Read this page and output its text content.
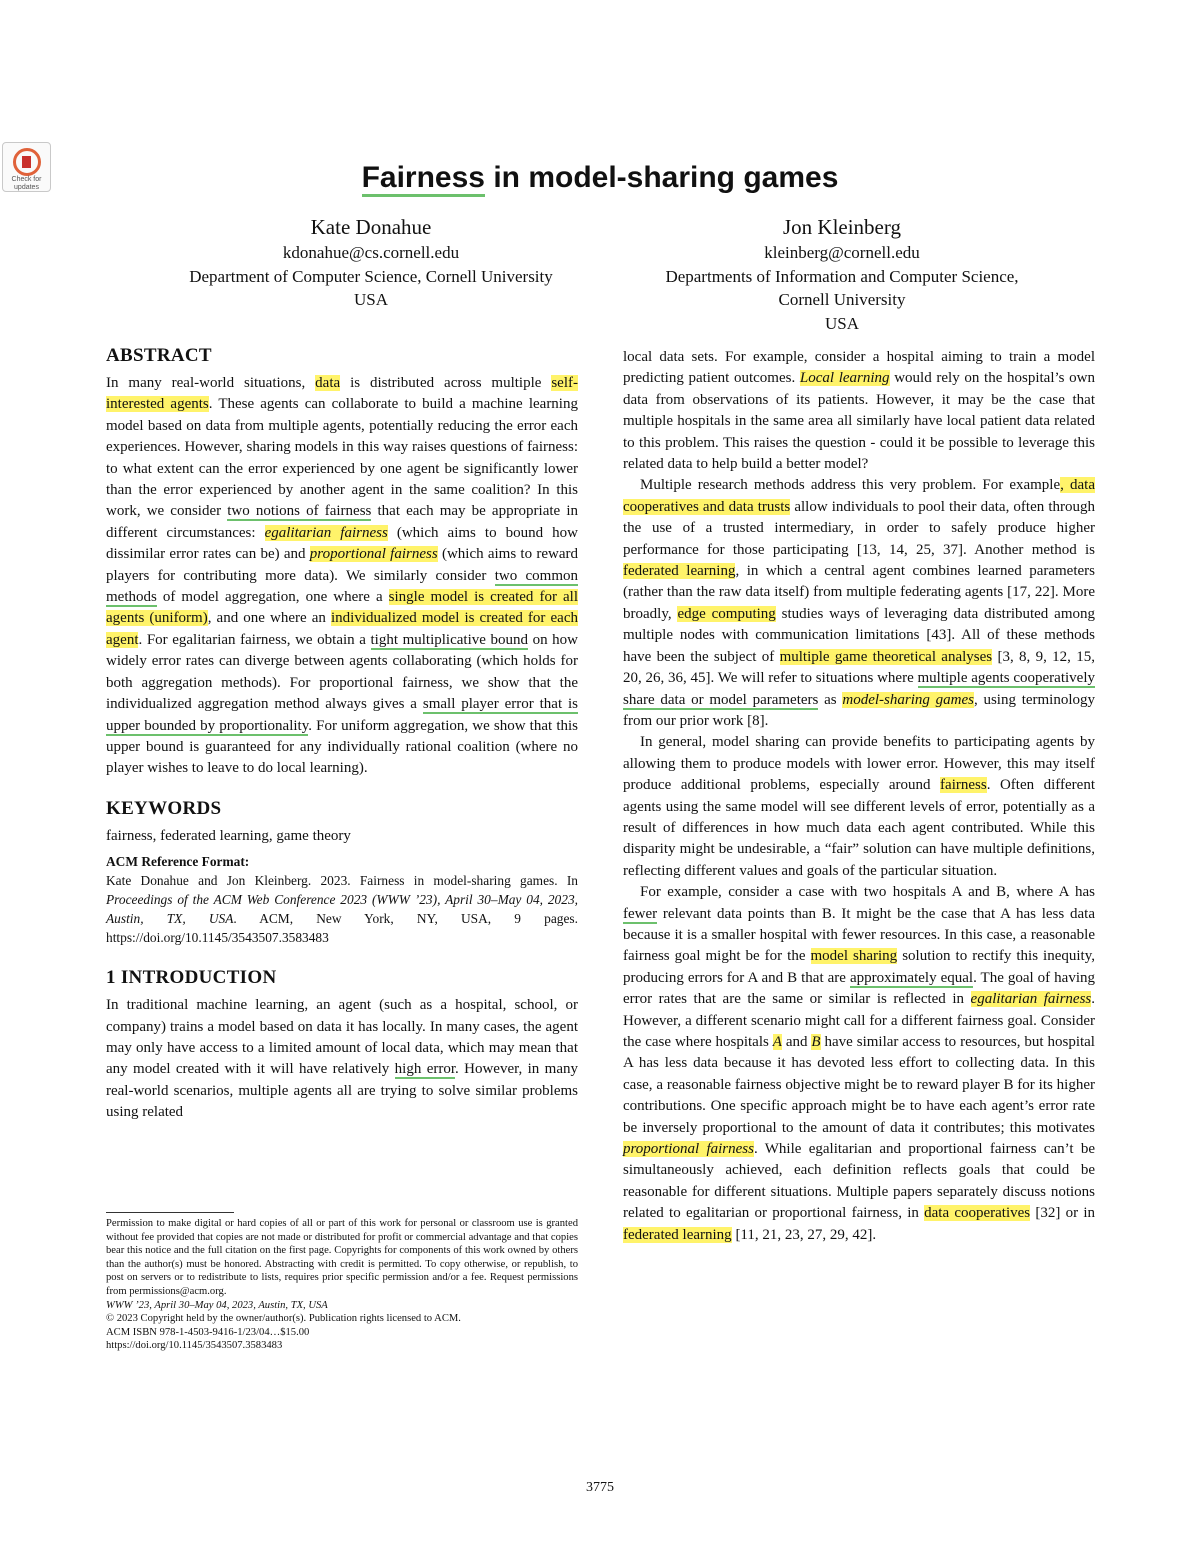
Check for
updates	Fairness in model-sharing games
Kate Donahue
kdonahue@cs.cornell.edu
Department of Computer Science, Cornell University
USA
Jon Kleinberg
kleinberg@cornell.edu
Departments of Information and Computer Science,
Cornell University
USA
ABSTRACT

In many real-world situations, data is distributed across multiple self-interested agents. These agents can collaborate to build a machine learning model based on data from multiple agents, potentially reducing the error each experiences. However, sharing models in this way raises questions of fairness: to what extent can the error experienced by one agent be significantly lower than the error experienced by another agent in the same coalition? In this work, we consider two notions of fairness that each may be appropriate in different circumstances: egalitarian fairness (which aims to bound how dissimilar error rates can be) and proportional fairness (which aims to reward players for contributing more data). We similarly consider two common methods of model aggregation, one where a single model is created for all agents (uniform), and one where an individualized model is created for each agent. For egalitarian fairness, we obtain a tight multiplicative bound on how widely error rates can diverge between agents collaborating (which holds for both aggregation methods). For proportional fairness, we show that the individualized aggregation method always gives a small player error that is upper bounded by proportionality. For uniform aggregation, we show that this upper bound is guaranteed for any individually rational coalition (where no player wishes to leave to do local learning).

KEYWORDS

fairness, federated learning, game theory

ACM Reference Format:

Kate Donahue and Jon Kleinberg. 2023. Fairness in model-sharing games. In Proceedings of the ACM Web Conference 2023 (WWW ’23), April 30–May 04, 2023, Austin, TX, USA. ACM, New York, NY, USA, 9 pages. https://doi.org/10.1145/3543507.3583483

1 INTRODUCTION

In traditional machine learning, an agent (such as a hospital, school, or company) trains a model based on data it has locally. In many cases, the agent may only have access to a limited amount of local data, which may mean that any model created with it will have relatively high error. However, in many real-world scenarios, multiple agents all are trying to solve similar problems using related

Permission to make digital or hard copies of all or part of this work for personal or classroom use is granted without fee provided that copies are not made or distributed for profit or commercial advantage and that copies bear this notice and the full citation on the first page. Copyrights for components of this work owned by others than the author(s) must be honored. Abstracting with credit is permitted. To copy otherwise, or republish, to post on servers or to redistribute to lists, requires prior specific permission and/or a fee. Request permissions from permissions@acm.org.
WWW ’23, April 30–May 04, 2023, Austin, TX, USA
© 2023 Copyright held by the owner/author(s). Publication rights licensed to ACM.
ACM ISBN 978-1-4503-9416-1/23/04…$15.00
https://doi.org/10.1145/3543507.3583483

local data sets. For example, consider a hospital aiming to train a model predicting patient outcomes. Local learning would rely on the hospital’s own data from observations of its patients. However, it may be the case that multiple hospitals in the same area all similarly have local patient data related to this problem. This raises the question - could it be possible to leverage this related data to help build a better model?

Multiple research methods address this very problem. For example, data cooperatives and data trusts allow individuals to pool their data, often through the use of a trusted intermediary, in order to safely produce higher performance for those participating [13, 14, 25, 37]. Another method is federated learning, in which a central agent combines learned parameters (rather than the raw data itself) from multiple federating agents [17, 22]. More broadly, edge computing studies ways of leveraging data distributed among multiple nodes with communication limitations [43]. All of these methods have been the subject of multiple game theoretical analyses [3, 8, 9, 12, 15, 20, 26, 36, 45]. We will refer to situations where multiple agents cooperatively share data or model parameters as model-sharing games, using terminology from our prior work [8].

In general, model sharing can provide benefits to participating agents by allowing them to produce models with lower error. However, this may itself produce additional problems, especially around fairness. Often different agents using the same model will see different levels of error, potentially as a result of differences in how much data each agent contributed. While this disparity might be undesirable, a “fair” solution can have multiple definitions, reflecting different values and goals of the particular situation.

For example, consider a case with two hospitals A and B, where A has fewer relevant data points than B. It might be the case that A has less data because it is a smaller hospital with fewer resources. In this case, a reasonable fairness goal might be for the model sharing solution to rectify this inequity, producing errors for A and B that are approximately equal. The goal of having error rates that are the same or similar is reflected in egalitarian fairness. However, a different scenario might call for a different fairness goal. Consider the case where hospitals A and B have similar access to resources, but hospital A has less data because it has devoted less effort to collecting data. In this case, a reasonable fairness objective might be to reward player B for its higher contributions. One specific approach might be to have each agent’s error rate be inversely proportional to the amount of data it contributes; this motivates proportional fairness. While egalitarian and proportional fairness can’t be simultaneously achieved, each definition reflects goals that could be reasonable for different situations. Multiple papers separately discuss notions related to egalitarian or proportional fairness, in data cooperatives [32] or in federated learning [11, 21, 23, 27, 29, 42].

3775
